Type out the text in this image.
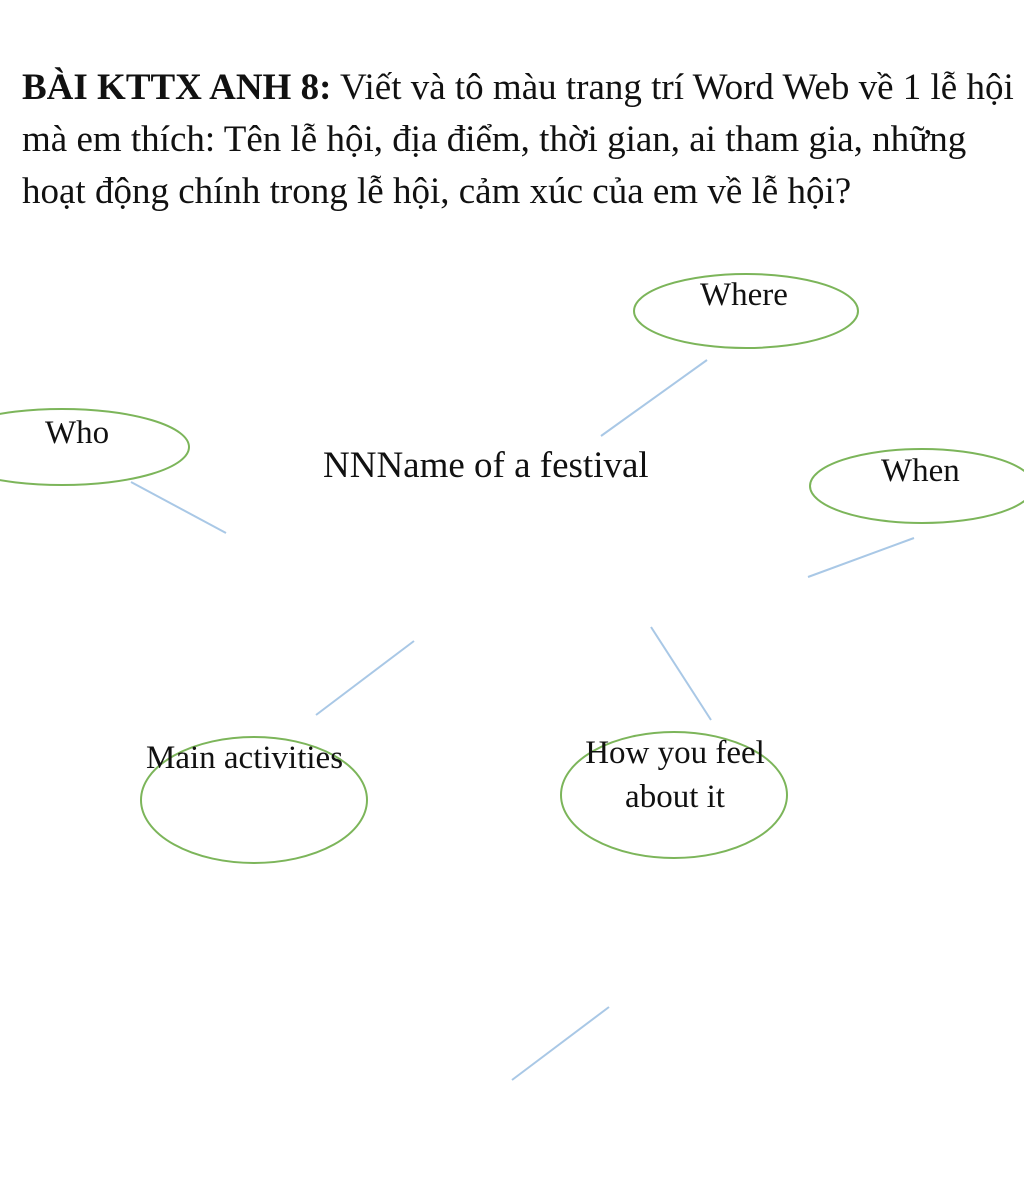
BÀI KTTX ANH 8: Viết và tô màu trang trí Word Web về 1 lễ hội mà em thích: Tên lễ hội, địa điểm, thời gian, ai tham gia, những hoạt động chính trong lễ hội, cảm xúc của em về lễ hội?

Where
Who
NNName of a festival	When
Main activities	How you feel
about it
